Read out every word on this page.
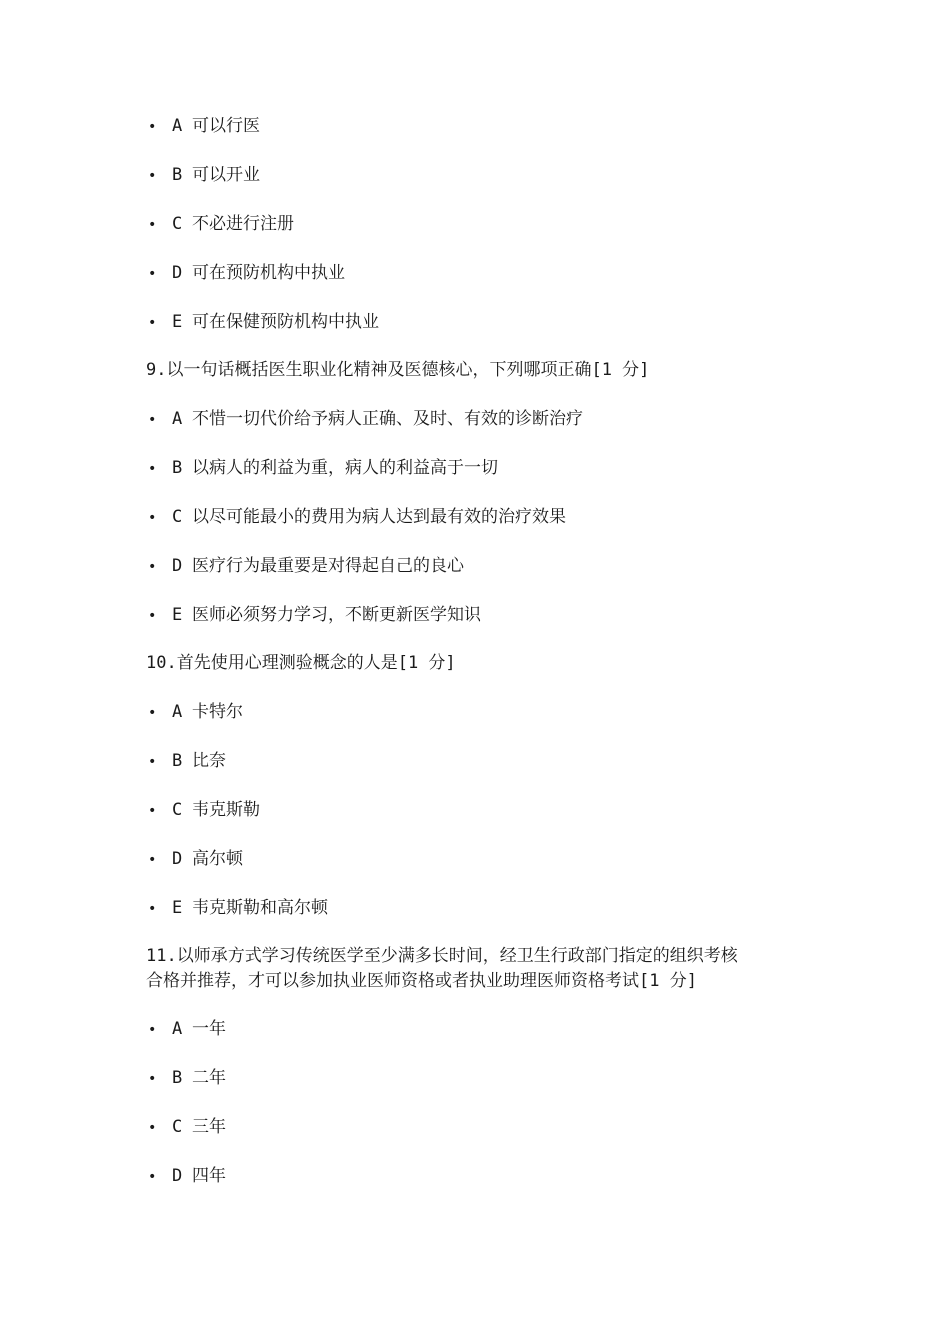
• A 可以行医
• B 可以开业
• C 不必进行注册
• D 可在预防机构中执业
• E 可在保健预防机构中执业
9.以一句话概括医生职业化精神及医德核心，下列哪项正确[1 分]
• A 不惜一切代价给予病人正确、及时、有效的诊断治疗
• B 以病人的利益为重，病人的利益高于一切
• C 以尽可能最小的费用为病人达到最有效的治疗效果
• D 医疗行为最重要是对得起自己的良心
• E 医师必须努力学习，不断更新医学知识
10.首先使用心理测验概念的人是[1 分]
• A 卡特尔
• B 比奈
• C 韦克斯勒
• D 高尔顿
• E 韦克斯勒和高尔顿
11.以师承方式学习传统医学至少满多长时间，经卫生行政部门指定的组织考核
合格并推荐，才可以参加执业医师资格或者执业助理医师资格考试[1 分]
• A 一年
• B 二年
• C 三年
• D 四年
